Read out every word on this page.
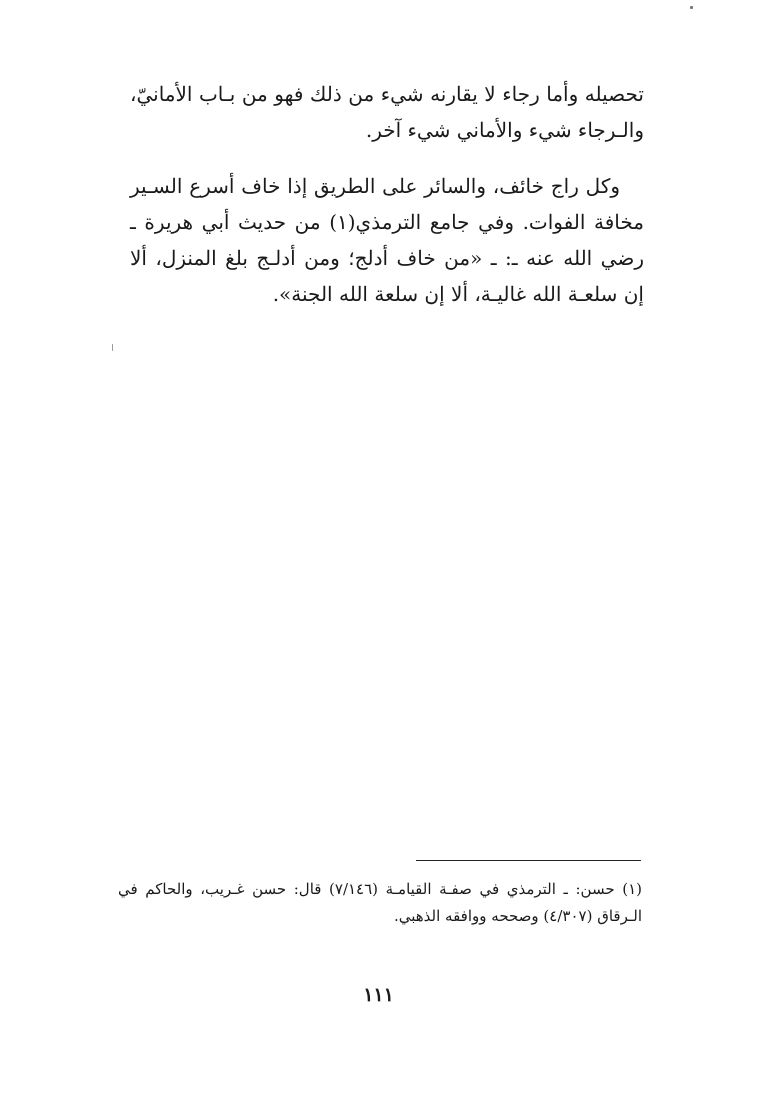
تحصيله وأما رجاء لا يقارنه شيء من ذلك فهو من بـاب الأمانيّ، والـرجاء شيء والأماني شيء آخر.

وكل راج خائف، والسائر على الطريق إذا خاف أسرع السـير مخافة الفوات. وفي جامع الترمذي(١) من حديث أبي هريرة ـ رضي الله عنه ـ: ـ «من خاف أدلج؛ ومن أدلـج بلغ المنزل، ألا إن سلعـة الله غاليـة، ألا إن سلعة الله الجنة».

(١) حسن: ـ الترمذي في صفـة القيامـة (٧/١٤٦) قال: حسن غـريب، والحاكم في الـرقاق (٤/٣٠٧) وصححه ووافقه الذهبي.

١١١
